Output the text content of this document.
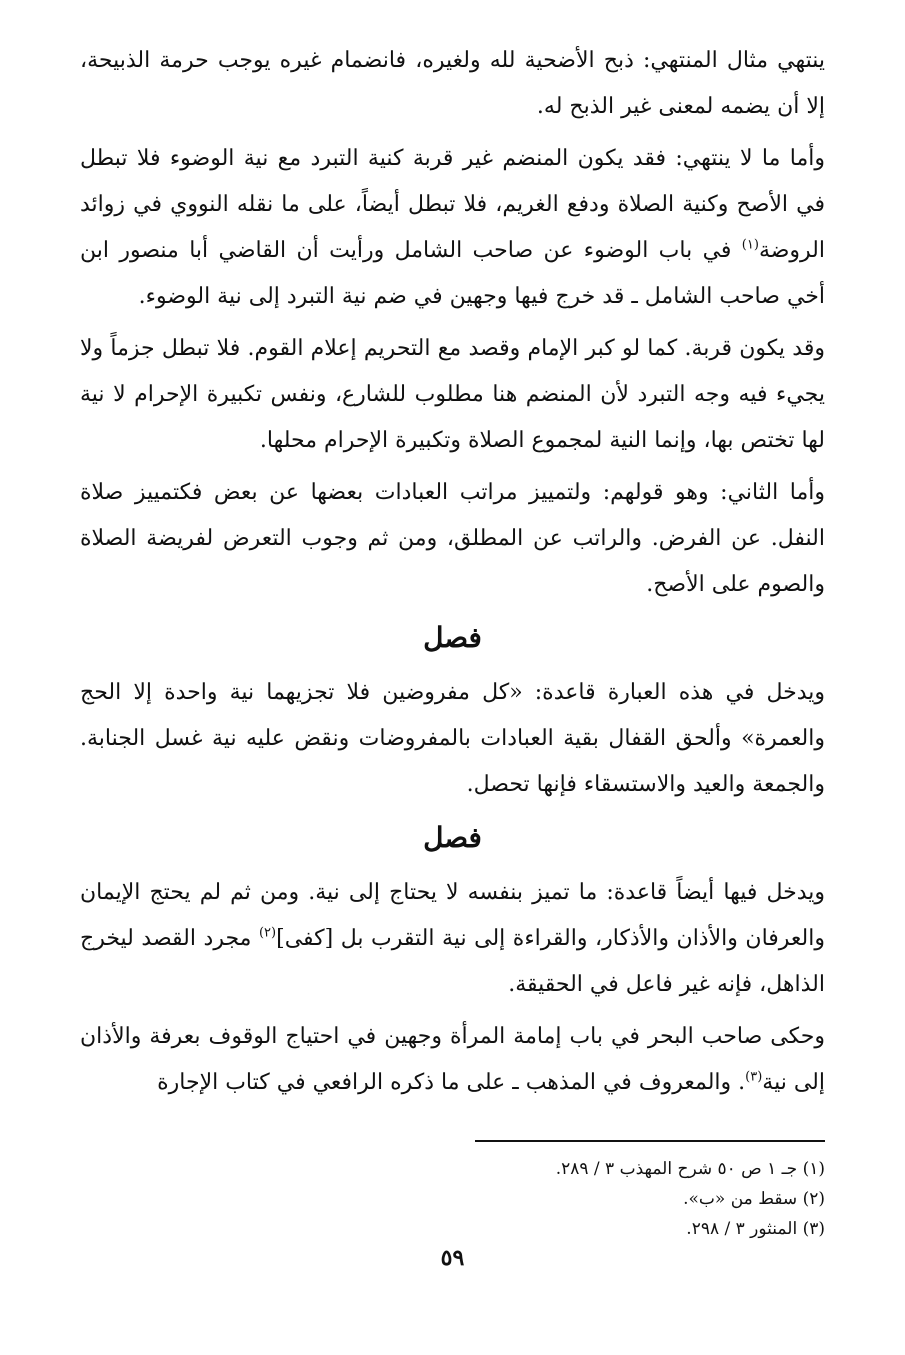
ينتهي مثال المنتهي: ذبح الأضحية لله ولغيره، فانضمام غيره يوجب حرمة الذبيحة، إلا أن يضمه لمعنى غير الذبح له.

وأما ما لا ينتهي: فقد يكون المنضم غير قربة كنية التبرد مع نية الوضوء فلا تبطل في الأصح وكنية الصلاة ودفع الغريم، فلا تبطل أيضاً، على ما نقله النووي في زوائد الروضة$^{(١)}$ في باب الوضوء عن صاحب الشامل ورأيت أن القاضي أبا منصور ابن أخي صاحب الشامل ـ قد خرج فيها وجهين في ضم نية التبرد إلى نية الوضوء.

وقد يكون قربة. كما لو كبر الإمام وقصد مع التحريم إعلام القوم. فلا تبطل جزماً ولا يجيء فيه وجه التبرد لأن المنضم هنا مطلوب للشارع، ونفس تكبيرة الإحرام لا نية لها تختص بها، وإنما النية لمجموع الصلاة وتكبيرة الإحرام محلها.

وأما الثاني: وهو قولهم: ولتمييز مراتب العبادات بعضها عن بعض فكتمييز صلاة النفل. عن الفرض. والراتب عن المطلق، ومن ثم وجوب التعرض لفريضة الصلاة والصوم على الأصح.

فصل

ويدخل في هذه العبارة قاعدة: «كل مفروضين فلا تجزيهما نية واحدة إلا الحج والعمرة» وألحق القفال بقية العبادات بالمفروضات ونقض عليه نية غسل الجنابة. والجمعة والعيد والاستسقاء فإنها تحصل.

فصل

ويدخل فيها أيضاً قاعدة: ما تميز بنفسه لا يحتاج إلى نية. ومن ثم لم يحتج الإيمان والعرفان والأذان والأذكار، والقراءة إلى نية التقرب بل [كفى]$^{(٢)}$ مجرد القصد ليخرج الذاهل، فإنه غير فاعل في الحقيقة.

وحكى صاحب البحر في باب إمامة المرأة وجهين في احتياج الوقوف بعرفة والأذان إلى نية$^{(٣)}$. والمعروف في المذهب ـ على ما ذكره الرافعي في كتاب الإجارة

(١) جـ ١ ص ٥٠ شرح المهذب ٣ / ٢٨٩.

(٢) سقط من «ب».

(٣) المنثور ٣ / ٢٩٨.

٥٩
